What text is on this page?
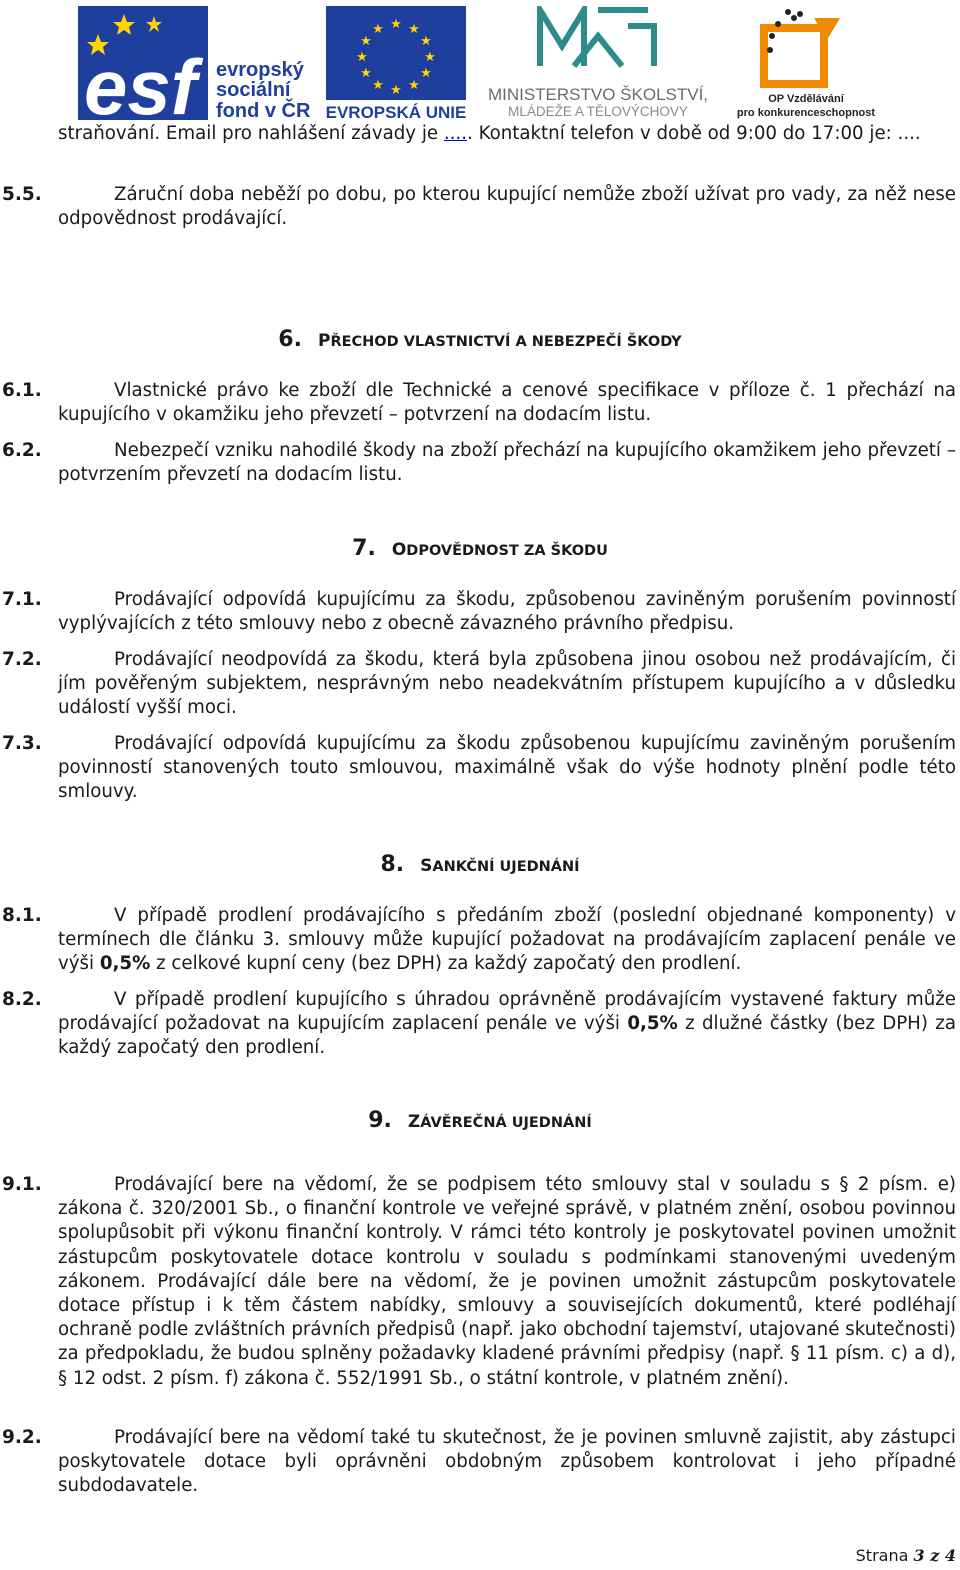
esf evropský
sociální
fond v ČR
★ ★
★
★
★
★
★
★
★
★
★
★
EVROPSKÁ UNIE
MINISTERSTVO ŠKOLSTVÍ,
MLÁDEŽE A TĚLOVÝCHOVY
OP Vzdělávání
pro konkurenceschopnost

straňování. Email pro nahlášení závady je ..... Kontaktní telefon v době od 9:00 do 17:00 je: ....

5.5.	Záruční doba neběží po dobu, po kterou kupující nemůže zboží užívat pro vady, za něž nese odpovědnost prodávající.

6. PŘECHOD VLASTNICTVÍ A NEBEZPEČÍ ŠKODY
6.1.	Vlastnické právo ke zboží dle Technické a cenové specifikace v příloze č. 1 přechází na kupujícího v okamžiku jeho převzetí – potvrzení na dodacím listu.

6.2.	Nebezpečí vzniku nahodilé škody na zboží přechází na kupujícího okamžikem jeho převzetí – potvrzením převzetí na dodacím listu.

7. ODPOVĚDNOST ZA ŠKODU
7.1.	Prodávající odpovídá kupujícímu za škodu, způsobenou zaviněným porušením povinností vyplývajících z této smlouvy nebo z obecně závazného právního předpisu.

7.2.	Prodávající neodpovídá za škodu, která byla způsobena jinou osobou než prodávajícím, či jím pověřeným subjektem, nesprávným nebo neadekvátním přístupem kupujícího a v důsledku událostí vyšší moci.

7.3.	Prodávající odpovídá kupujícímu za škodu způsobenou kupujícímu zaviněným porušením povinností stanovených touto smlouvou, maximálně však do výše hodnoty plnění podle této smlouvy.

8. SANKČNÍ UJEDNÁNÍ
8.1.	V případě prodlení prodávajícího s předáním zboží (poslední objednané komponenty) v termínech dle článku 3. smlouvy může kupující požadovat na prodávajícím zaplacení penále ve výši 0,5% z celkové kupní ceny (bez DPH) za každý započatý den prodlení.

8.2.	V případě prodlení kupujícího s úhradou oprávněně prodávajícím vystavené faktury může prodávající požadovat na kupujícím zaplacení penále ve výši 0,5% z dlužné částky (bez DPH) za každý započatý den prodlení.

9. ZÁVĚREČNÁ UJEDNÁNÍ
9.1.	Prodávající bere na vědomí, že se podpisem této smlouvy stal v souladu s § 2 písm. e) zákona č. 320/2001 Sb., o finanční kontrole ve veřejné správě, v platném znění, osobou povinnou spolupůsobit při výkonu finanční kontroly. V rámci této kontroly je poskytovatel povinen umožnit zástupcům poskytovatele dotace kontrolu v souladu s podmínkami stanovenými uvedeným zákonem. Prodávající dále bere na vědomí, že je povinen umožnit zástupcům poskytovatele dotace přístup i k těm částem nabídky, smlouvy a souvisejících dokumentů, které podléhají ochraně podle zvláštních právních předpisů (např. jako obchodní tajemství, utajované skutečnosti) za předpokladu, že budou splněny požadavky kladené právními předpisy (např. § 11 písm. c) a d), § 12 odst. 2 písm. f) zákona č. 552/1991 Sb., o státní kontrole, v platném znění).

9.2.	Prodávající bere na vědomí také tu skutečnost, že je povinen smluvně zajistit, aby zástupci poskytovatele dotace byli oprávněni obdobným způsobem kontrolovat i jeho případné subdodavatele.

Strana 3 z 4
